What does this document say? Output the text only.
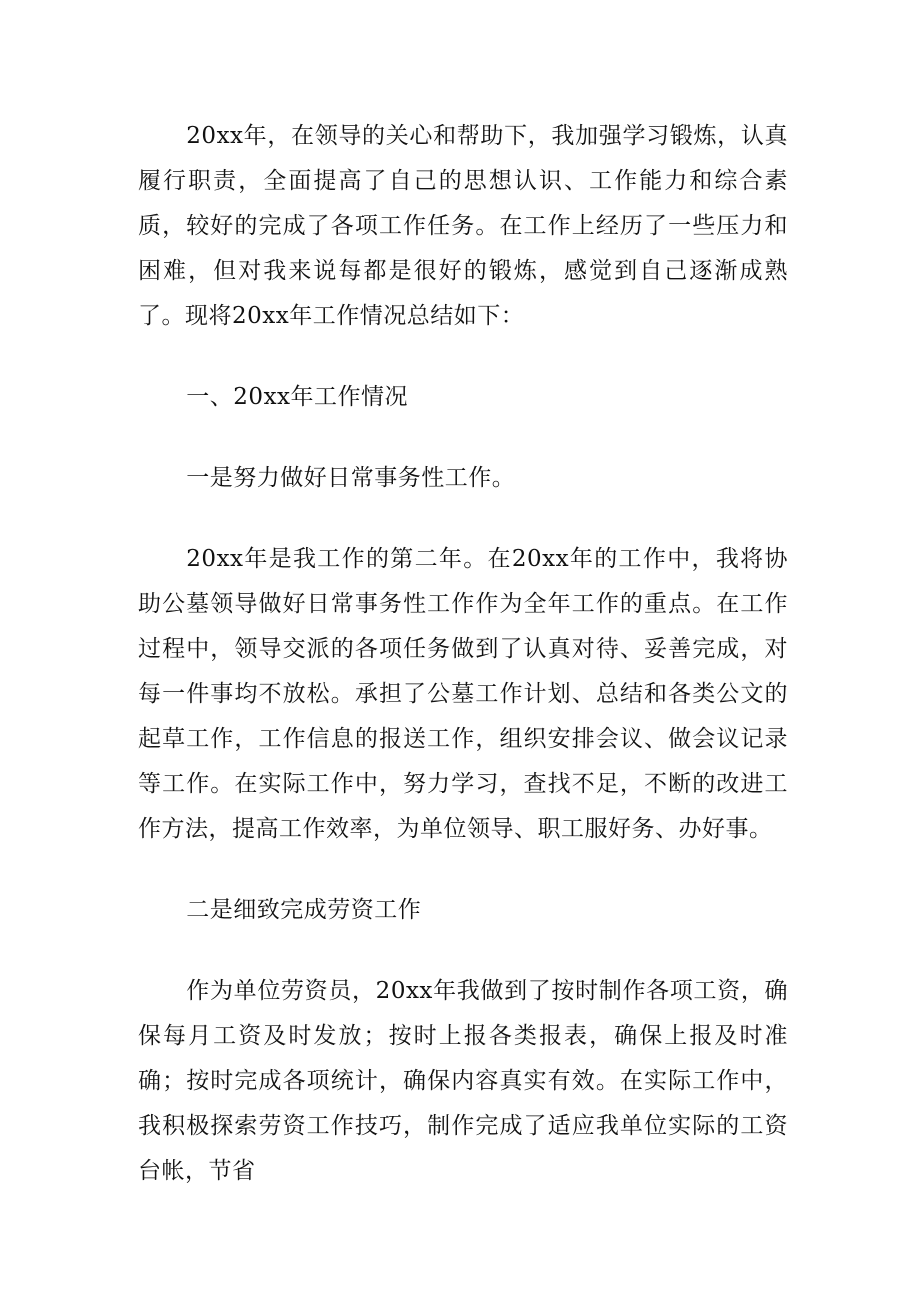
20xx年，在领导的关心和帮助下，我加强学习锻炼，认真履行职责，全面提高了自己的思想认识、工作能力和综合素质，较好的完成了各项工作任务。在工作上经历了一些压力和困难，但对我来说每都是很好的锻炼，感觉到自己逐渐成熟了。现将20xx年工作情况总结如下：

一、20xx年工作情况

一是努力做好日常事务性工作。

20xx年是我工作的第二年。在20xx年的工作中，我将协助公墓领导做好日常事务性工作作为全年工作的重点。在工作过程中，领导交派的各项任务做到了认真对待、妥善完成，对每一件事均不放松。承担了公墓工作计划、总结和各类公文的起草工作，工作信息的报送工作，组织安排会议、做会议记录等工作。在实际工作中，努力学习，查找不足，不断的改进工作方法，提高工作效率，为单位领导、职工服好务、办好事。

二是细致完成劳资工作

作为单位劳资员，20xx年我做到了按时制作各项工资，确保每月工资及时发放；按时上报各类报表，确保上报及时准确；按时完成各项统计，确保内容真实有效。在实际工作中，我积极探索劳资工作技巧，制作完成了适应我单位实际的工资台帐，节省
